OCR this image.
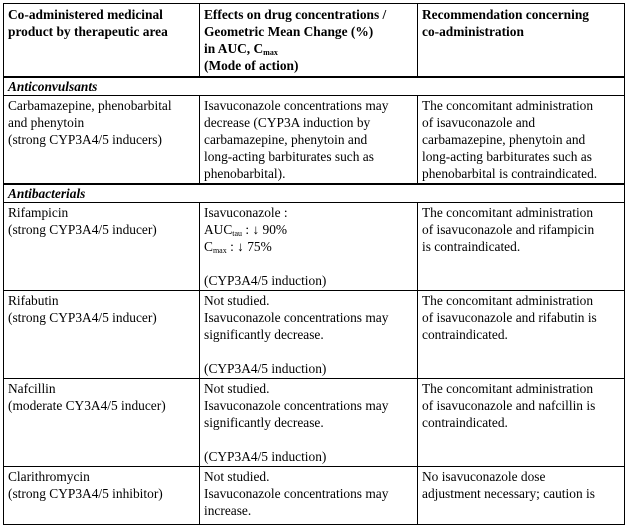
Co-administered medicinal
product by therapeutic area	Effects on drug concentrations /
Geometric Mean Change (%)
in AUC, $C_{max}$
(Mode of action)	Recommendation concerning
co-administration

Anticonvulsants		

Carbamazepine, phenobarbital
and phenytoin
(strong CYP3A4/5 inducers)	Isavuconazole concentrations may
decrease (CYP3A induction by
carbamazepine, phenytoin and
long-acting barbiturates such as
phenobarbital).	The concomitant administration
of isavuconazole and
carbamazepine, phenytoin and
long-acting barbiturates such as
phenobarbital is contraindicated.

Antibacterials		

Rifampicin
(strong CYP3A4/5 inducer)	Isavuconazole :
$AUC_{tau}$ : ↓ 90%
$C_{max}$ : ↓ 75%
(CYP3A4/5 induction)	The concomitant administration
of isavuconazole and rifampicin
is contraindicated.

Rifabutin
(strong CYP3A4/5 inducer)	Not studied.
Isavuconazole concentrations may
significantly decrease.
(CYP3A4/5 induction)	The concomitant administration
of isavuconazole and rifabutin is
contraindicated.

Nafcillin
(moderate CY3A4/5 inducer)	Not studied.
Isavuconazole concentrations may
significantly decrease.
(CYP3A4/5 induction)	The concomitant administration
of isavuconazole and nafcillin is
contraindicated.

Clarithromycin
(strong CYP3A4/5 inhibitor)	Not studied.
Isavuconazole concentrations may
increase.	No isavuconazole dose
adjustment necessary; caution is
